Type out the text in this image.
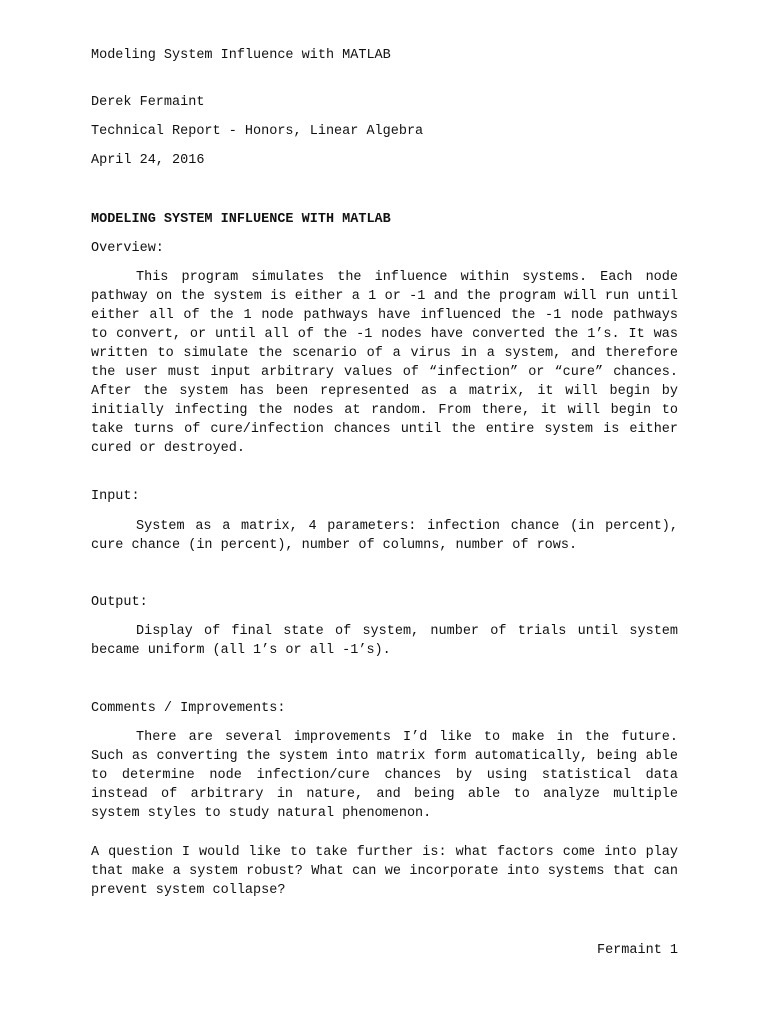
Modeling System Influence with MATLAB
Derek Fermaint
Technical Report - Honors, Linear Algebra
April 24, 2016
MODELING SYSTEM INFLUENCE WITH MATLAB
Overview:
This program simulates the influence within systems. Each node pathway on the system is either a 1 or -1 and the program will run until either all of the 1 node pathways have influenced the -1 node pathways to convert, or until all of the -1 nodes have converted the 1’s. It was written to simulate the scenario of a virus in a system, and therefore the user must input arbitrary values of “infection” or “cure” chances. After the system has been represented as a matrix, it will begin by initially infecting the nodes at random. From there, it will begin to take turns of cure/infection chances until the entire system is either cured or destroyed.
Input:
System as a matrix, 4 parameters: infection chance (in percent), cure chance (in percent), number of columns, number of rows.
Output:
Display of final state of system, number of trials until system became uniform (all 1’s or all -1’s).
Comments / Improvements:
There are several improvements I’d like to make in the future. Such as converting the system into matrix form automatically, being able to determine node infection/cure chances by using statistical data instead of arbitrary in nature, and being able to analyze multiple system styles to study natural phenomenon.
A question I would like to take further is: what factors come into play that make a system robust? What can we incorporate into systems that can prevent system collapse?
Fermaint 1
